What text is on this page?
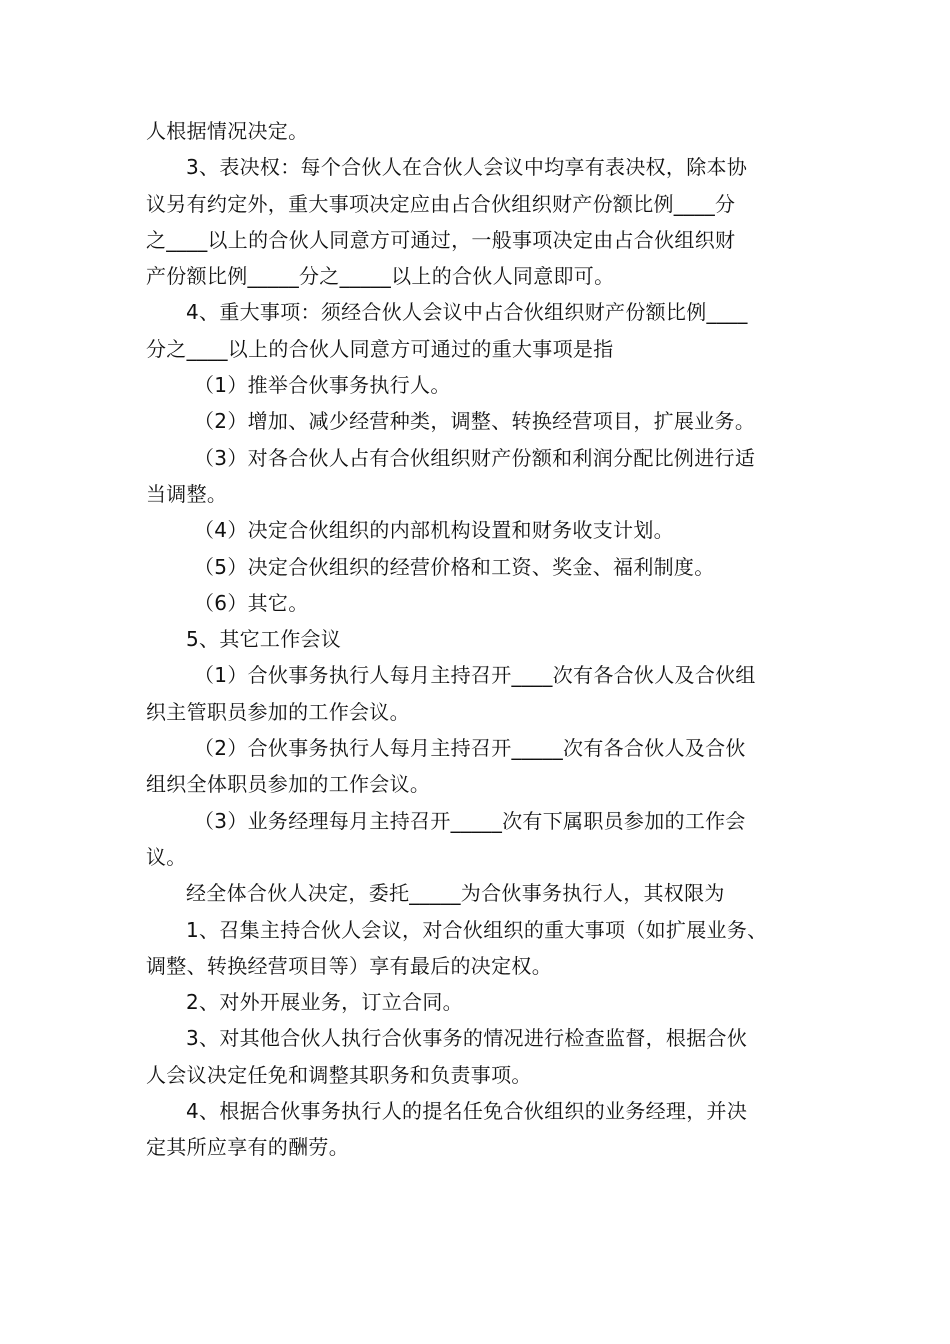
人根据情况决定。
3、表决权：每个合伙人在合伙人会议中均享有表决权，除本协
议另有约定外，重大事项决定应由占合伙组织财产份额比例____分
之____以上的合伙人同意方可通过，一般事项决定由占合伙组织财
产份额比例_____分之_____以上的合伙人同意即可。
4、重大事项：须经合伙人会议中占合伙组织财产份额比例____
分之____以上的合伙人同意方可通过的重大事项是指
（1）推举合伙事务执行人。
（2）增加、减少经营种类，调整、转换经营项目，扩展业务。
（3）对各合伙人占有合伙组织财产份额和利润分配比例进行适
当调整。
（4）决定合伙组织的内部机构设置和财务收支计划。
（5）决定合伙组织的经营价格和工资、奖金、福利制度。
（6）其它。
5、其它工作会议
（1）合伙事务执行人每月主持召开____次有各合伙人及合伙组
织主管职员参加的工作会议。
（2）合伙事务执行人每月主持召开_____次有各合伙人及合伙
组织全体职员参加的工作会议。
（3）业务经理每月主持召开_____次有下属职员参加的工作会
议。
经全体合伙人决定，委托_____为合伙事务执行人，其权限为
1、召集主持合伙人会议，对合伙组织的重大事项（如扩展业务、
调整、转换经营项目等）享有最后的决定权。
2、对外开展业务，订立合同。
3、对其他合伙人执行合伙事务的情况进行检查监督，根据合伙
人会议决定任免和调整其职务和负责事项。
4、根据合伙事务执行人的提名任免合伙组织的业务经理，并决
定其所应享有的酬劳。
